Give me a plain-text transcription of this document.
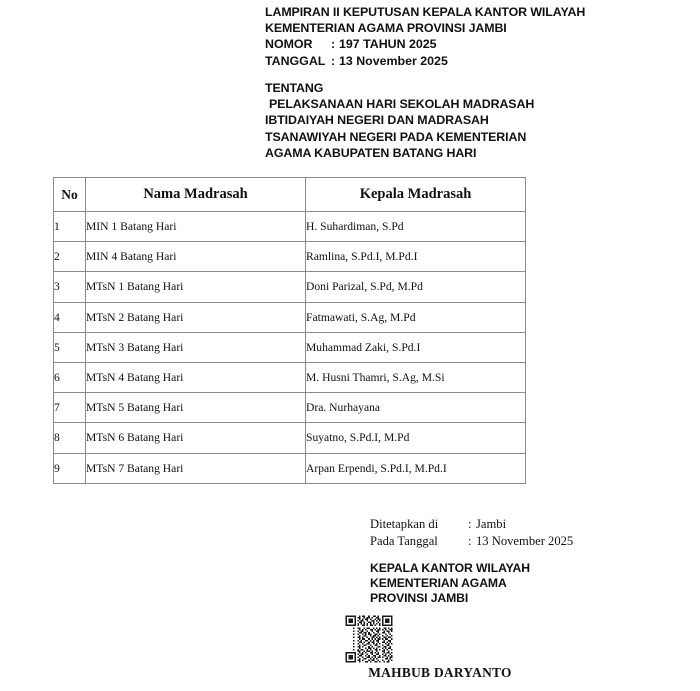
LAMPIRAN II KEPUTUSAN KEPALA KANTOR WILAYAH
KEMENTERIAN AGAMA PROVINSI JAMBI
NOMOR	: 197 TAHUN 2025
TANGGAL : 13 November 2025
TENTANG
PELAKSANAAN HARI SEKOLAH MADRASAH
IBTIDAIYAH NEGERI DAN MADRASAH
TSANAWIYAH NEGERI PADA KEMENTERIAN
AGAMA KABUPATEN BATANG HARI
No	Nama Madrasah	Kepala Madrasah
1	MIN 1 Batang Hari	H. Suhardiman, S.Pd
2	MIN 4 Batang Hari	Ramlina, S.Pd.I, M.Pd.I
3	MTsN 1 Batang Hari	Doni Parizal, S.Pd, M.Pd
4	MTsN 2 Batang Hari	Fatmawati, S.Ag, M.Pd
5	MTsN 3 Batang Hari	Muhammad Zaki, S.Pd.I
6	MTsN 4 Batang Hari	M. Husni Thamri, S.Ag, M.Si
7	MTsN 5 Batang Hari	Dra. Nurhayana
8	MTsN 6 Batang Hari	Suyatno, S.Pd.I, M.Pd
9	MTsN 7 Batang Hari	Arpan Erpendi, S.Pd.I, M.Pd.I
Ditetapkan di	: Jambi
Pada Tanggal	: 13 November 2025
KEPALA KANTOR WILAYAH
KEMENTERIAN AGAMA
PROVINSI JAMBI
MAHBUB DARYANTO
